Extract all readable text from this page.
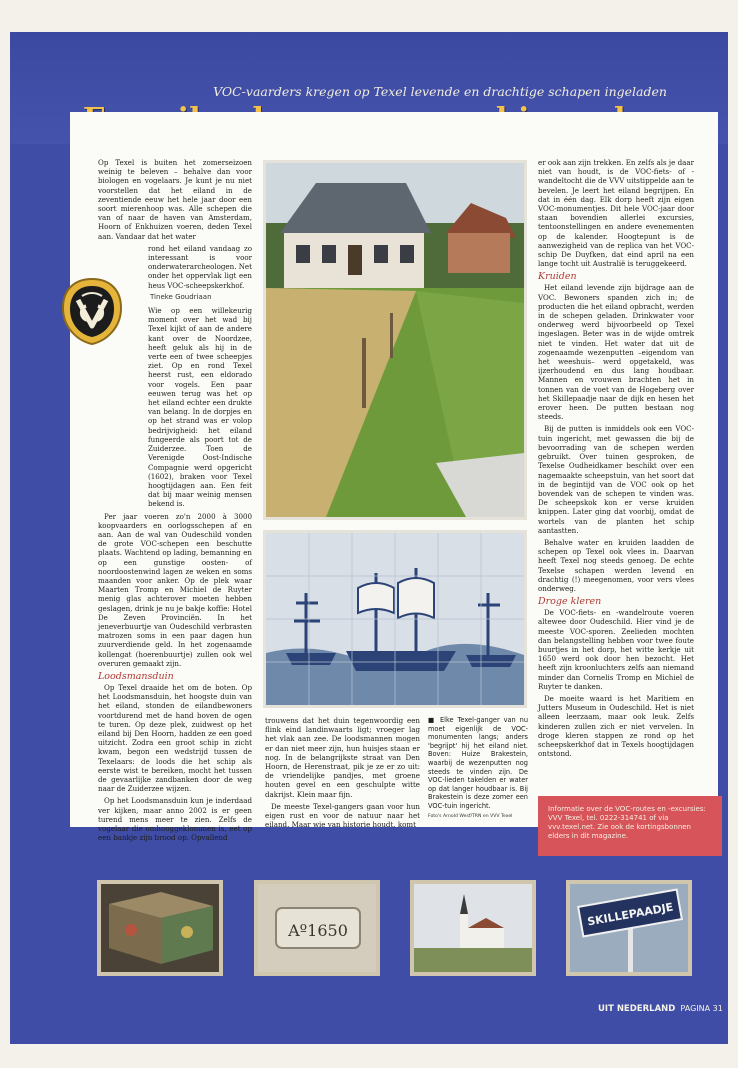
VOC-vaarders kregen op Texel levende en drachtige schapen ingeladen

Op Texel is buiten het zomerseizoen weinig te beleven – behalve dan voor biologen en vogelaars. Je kunt je nu niet voorstellen dat het eiland in de zeventiende eeuw het hele jaar door een soort mierenhoop was. Alle schepen die van of naar de haven van Amsterdam, Hoorn of Enkhuizen voeren, deden Texel aan. Vandaar dat het water

rond het eiland vandaag zo interessant is voor onderwaterarcheologen. Net onder het oppervlak ligt een heus VOC-scheepskerkhof.

Tineke Goudriaan

Wie op een willekeurig moment over het wad bij Texel kijkt of aan de andere kant over de Noordzee, heeft geluk als hij in de verte een of twee scheepjes ziet. Op en rond Texel heerst rust, een eldorado voor vogels. Een paar eeuwen terug was het op het eiland echter een drukte van belang. In de dorpjes en op het strand was er volop bedrijvigheid: het eiland fungeerde als poort tot de Zuiderzee. Toen de Verenigde Oost-Indische Compagnie werd opgericht (1602), braken voor Texel hoogtijdagen aan. Een feit dat bij maar weinig mensen bekend is.

Per jaar voeren zo'n 2000 à 3000 koopvaarders en oorlogsschepen af en aan. Aan de wal van Oudeschild vonden de grote VOC-schepen een beschutte plaats. Wachtend op lading, bemanning en op een gunstige oosten- of noordoostenwind lagen ze weken en soms maanden voor anker. Op de plek waar Maarten Tromp en Michiel de Ruyter menig glas achterover moeten hebben geslagen, drink je nu je bakje koffie: Hotel De Zeven Provinciën. In het jeneverbuurtje van Oudeschild verbrasten matrozen soms in een paar dagen hun zuurverdiende geld. In het zogenaamde kollengat (hoerenbuurtje) zullen ook wel overuren gemaakt zijn.

Loodsmansduin

Op Texel draaide het om de boten. Op het Loodsmansduin, het hoogste duin van het eiland, stonden de eilandbewoners voortdurend met de hand boven de ogen te turen. Op deze plek, zuidwest op het eiland bij Den Hoorn, hadden ze een goed uitzicht. Zodra een groot schip in zicht kwam, begon een wedstrijd tussen de Texelaars: de loods die het schip als eerste wist te bereiken, mocht het tussen de gevaarlijke zandbanken door de weg naar de Zuiderzee wijzen.

Op het Loodsmansduin kun je inderdaad ver kijken, maar anno 2002 is er geen turend mens meer te zien. Zelfs de vogelaar die omhooggeklommen is, eet op een bankje zijn brood op. Opvallend

trouwens dat het duin tegenwoordig een flink eind landinwaarts ligt; vroeger lag het vlak aan zee. De loodsmannen mogen er dan niet meer zijn, hun huisjes staan er nog. In de belangrijkste straat van Den Hoorn, de Herenstraat, pik je ze er zo uit: de vriendelijke pandjes, met groene houten gevel en een geschulpte witte dakrijst. Klein maar fijn.

De meeste Texel-gangers gaan voor hun eigen rust en voor de natuur naar het eiland. Maar wie van historie houdt, komt

■ Elke Texel-ganger van nu moet eigenlijk de VOC-monumenten langs; anders 'begrijpt' hij het eiland niet. Boven: Huize Brakestein, waarbij de wezenputten nog steeds te vinden zijn. De VOC-lieden takelden er water op dat langer houdbaar is. Bij Brakestein is deze zomer een VOC-tuin ingericht.

Foto's Arnold Wesf/TRN en VVV Texel

er ook aan zijn trekken. En zelfs als je daar niet van houdt, is de VOC-fiets- of -wandeltocht die de VVV uitstippelde aan te bevelen. Je leert het eiland begrijpen. En dat in één dag. Elk dorp heeft zijn eigen VOC-monumentjes. Dit hele VOC-jaar door staan bovendien allerlei excursies, tentoonstellingen en andere evenementen op de kalender. Hoogtepunt is de aanwezigheid van de replica van het VOC-schip De Duyfken, dat eind april na een lange tocht uit Australië is teruggekeerd.

Kruiden

Het eiland levende zijn bijdrage aan de VOC. Bewoners spanden zich in; de producten die het eiland opbracht, werden in de schepen geladen. Drinkwater voor onderweg werd bijvoorbeeld op Texel ingeslagen. Beter was in de wijde omtrek niet te vinden. Het water dat uit de zogenaamde wezenputten –eigendom van het weeshuis– werd opgetakeld, was ijzerhoudend en dus lang houdbaar. Mannen en vrouwen brachten het in tonnen van de voet van de Hogeberg over het Skillepaadje naar de dijk en hesen het erover heen. De putten bestaan nog steeds.

Bij de putten is inmiddels ook een VOC-tuin ingericht, met gewassen die bij de bevoorrading van de schepen werden gebruikt. Over tuinen gesproken, de Texelse Oudheidkamer beschikt over een nagemaakte scheepstuin, van het soort dat in de begintijd van de VOC ook op het bovendek van de schepen te vinden was. De scheepskok kon er verse kruiden knippen. Later ging dat voorbij, omdat de wortels van de planten het schip aantastten.

Behalve water en kruiden laadden de schepen op Texel ook vlees in. Daarvan heeft Texel nog steeds genoeg. De echte Texelse schapen werden levend en drachtig (!) meegenomen, voor vers vlees onderweg.

Droge kleren

De VOC-fiets- en -wandelroute voeren altewee door Oudeschild. Hier vind je de meeste VOC-sporen. Zeelieden mochten dan belangstelling hebben voor twee foute buurtjes in het dorp, het witte kerkje uit 1650 werd ook door hen bezocht. Het heeft zijn kroonluchters zelfs aan niemand minder dan Cornelis Tromp en Michiel de Ruyter te danken.

De moeite waard is het Maritiem en Jutters Museum in Oudeschild. Het is niet alleen leerzaam, maar ook leuk. Zelfs kinderen zullen zich er niet vervelen. In droge kleren stappen ze rond op het scheepskerkhof dat in Texels hoogtijdagen ontstond.

Informatie over de VOC-routes en -excursies: VVV Texel, tel. 0222-314741 of via vvv.texel.net. Zie ook de kortingsbonnen elders in dit magazine.
Aº1650
SKILLEPAADJE
UIT NEDERLAND PAGINA 31
